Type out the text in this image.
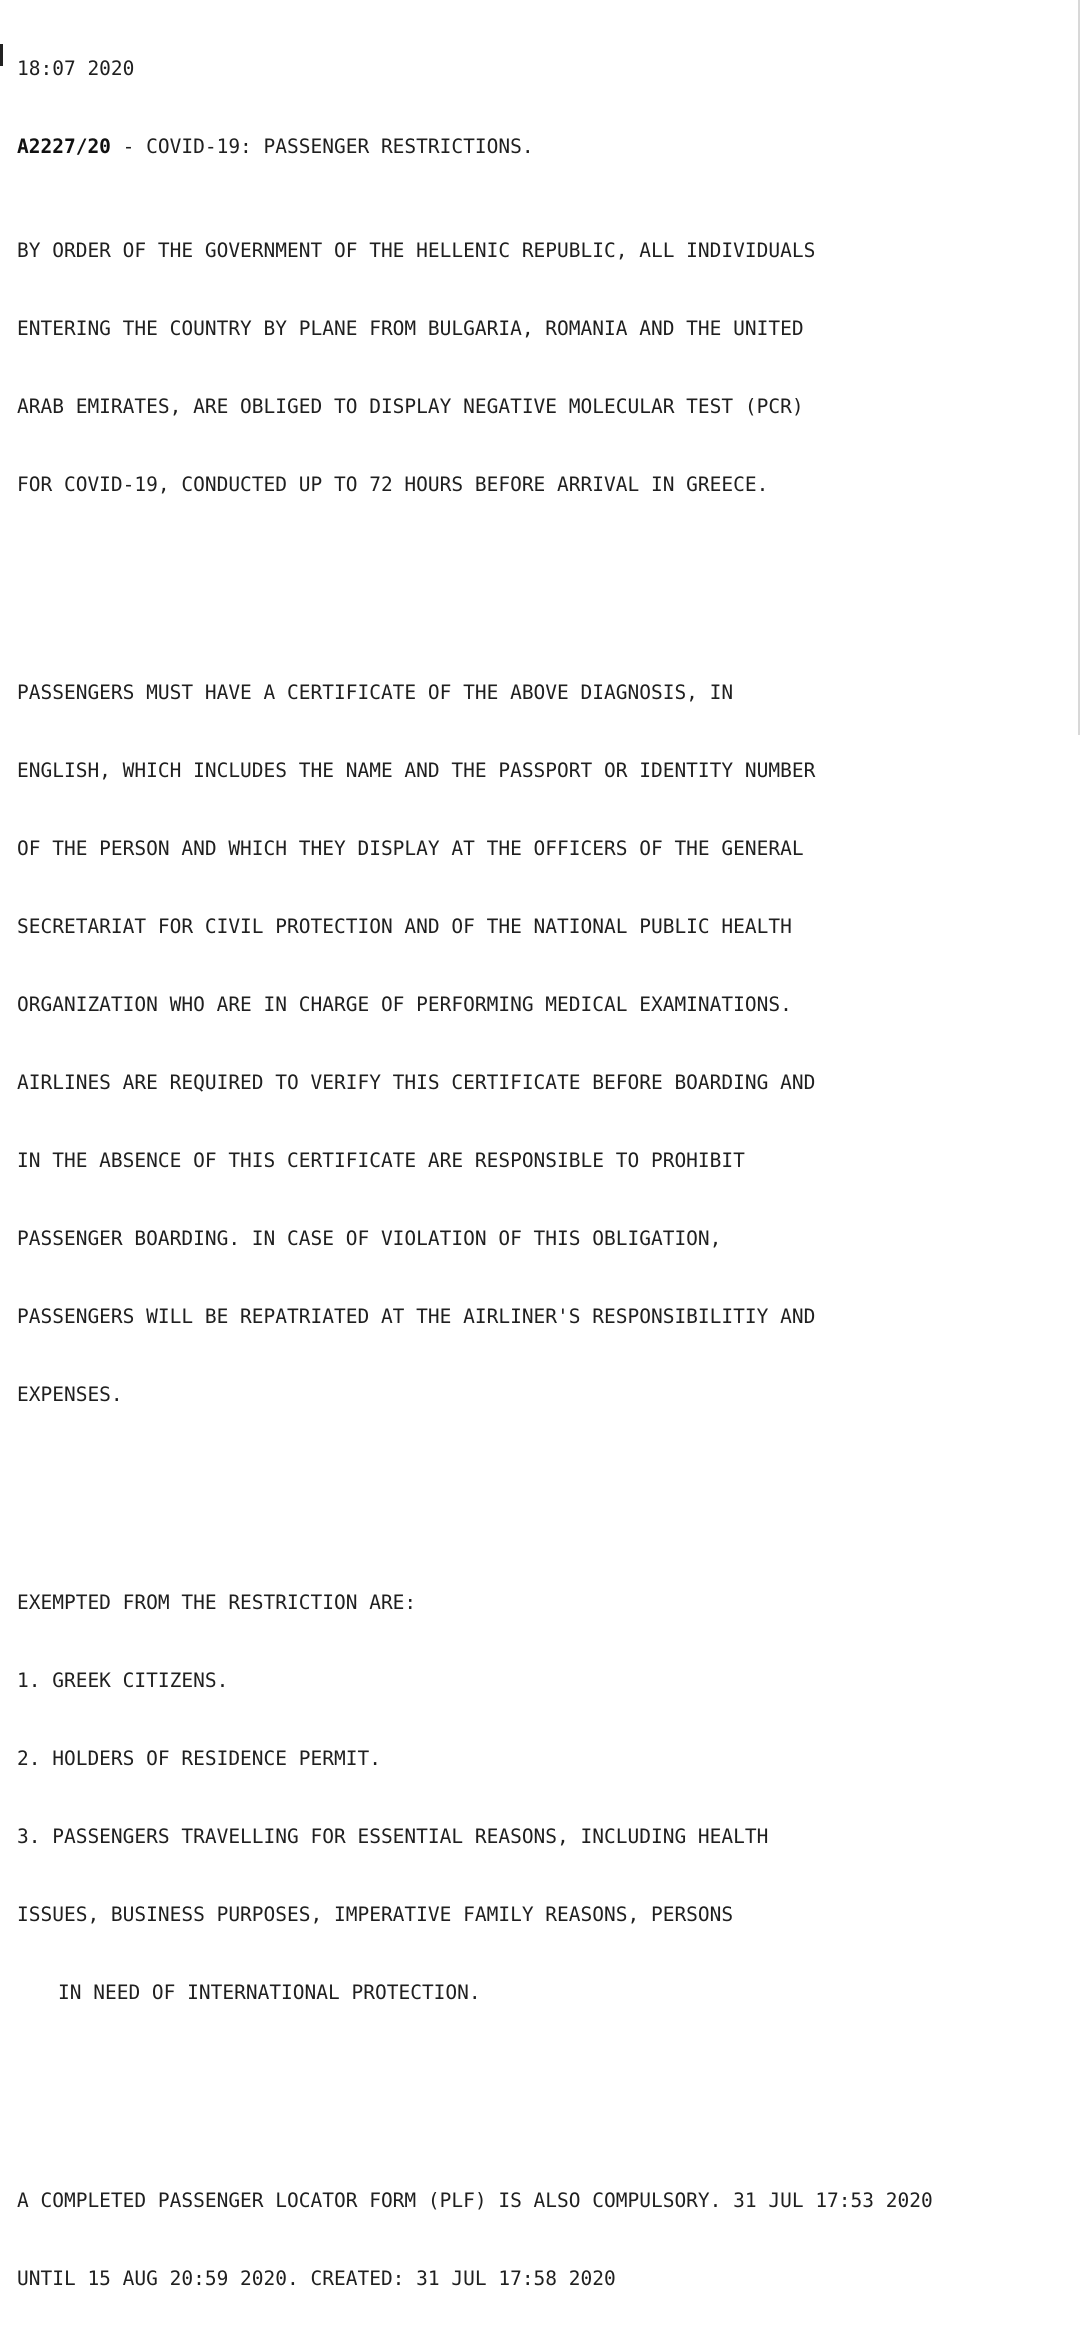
18:07 2020

A2227/20 - COVID-19: PASSENGER RESTRICTIONS.

BY ORDER OF THE GOVERNMENT OF THE HELLENIC REPUBLIC, ALL INDIVIDUALS

ENTERING THE COUNTRY BY PLANE FROM BULGARIA, ROMANIA AND THE UNITED

ARAB EMIRATES, ARE OBLIGED TO DISPLAY NEGATIVE MOLECULAR TEST (PCR)

FOR COVID-19, CONDUCTED UP TO 72 HOURS BEFORE ARRIVAL IN GREECE.

PASSENGERS MUST HAVE A CERTIFICATE OF THE ABOVE DIAGNOSIS, IN

ENGLISH, WHICH INCLUDES THE NAME AND THE PASSPORT OR IDENTITY NUMBER

OF THE PERSON AND WHICH THEY DISPLAY AT THE OFFICERS OF THE GENERAL

SECRETARIAT FOR CIVIL PROTECTION AND OF THE NATIONAL PUBLIC HEALTH

ORGANIZATION WHO ARE IN CHARGE OF PERFORMING MEDICAL EXAMINATIONS.

AIRLINES ARE REQUIRED TO VERIFY THIS CERTIFICATE BEFORE BOARDING AND

IN THE ABSENCE OF THIS CERTIFICATE ARE RESPONSIBLE TO PROHIBIT

PASSENGER BOARDING. IN CASE OF VIOLATION OF THIS OBLIGATION,

PASSENGERS WILL BE REPATRIATED AT THE AIRLINER'S RESPONSIBILITIY AND

EXPENSES.

EXEMPTED FROM THE RESTRICTION ARE:

1. GREEK CITIZENS.

2. HOLDERS OF RESIDENCE PERMIT.

3. PASSENGERS TRAVELLING FOR ESSENTIAL REASONS, INCLUDING HEALTH

ISSUES, BUSINESS PURPOSES, IMPERATIVE FAMILY REASONS, PERSONS

IN NEED OF INTERNATIONAL PROTECTION.

A COMPLETED PASSENGER LOCATOR FORM (PLF) IS ALSO COMPULSORY. 31 JUL 17:53 2020

UNTIL 15 AUG 20:59 2020. CREATED: 31 JUL 17:58 2020
